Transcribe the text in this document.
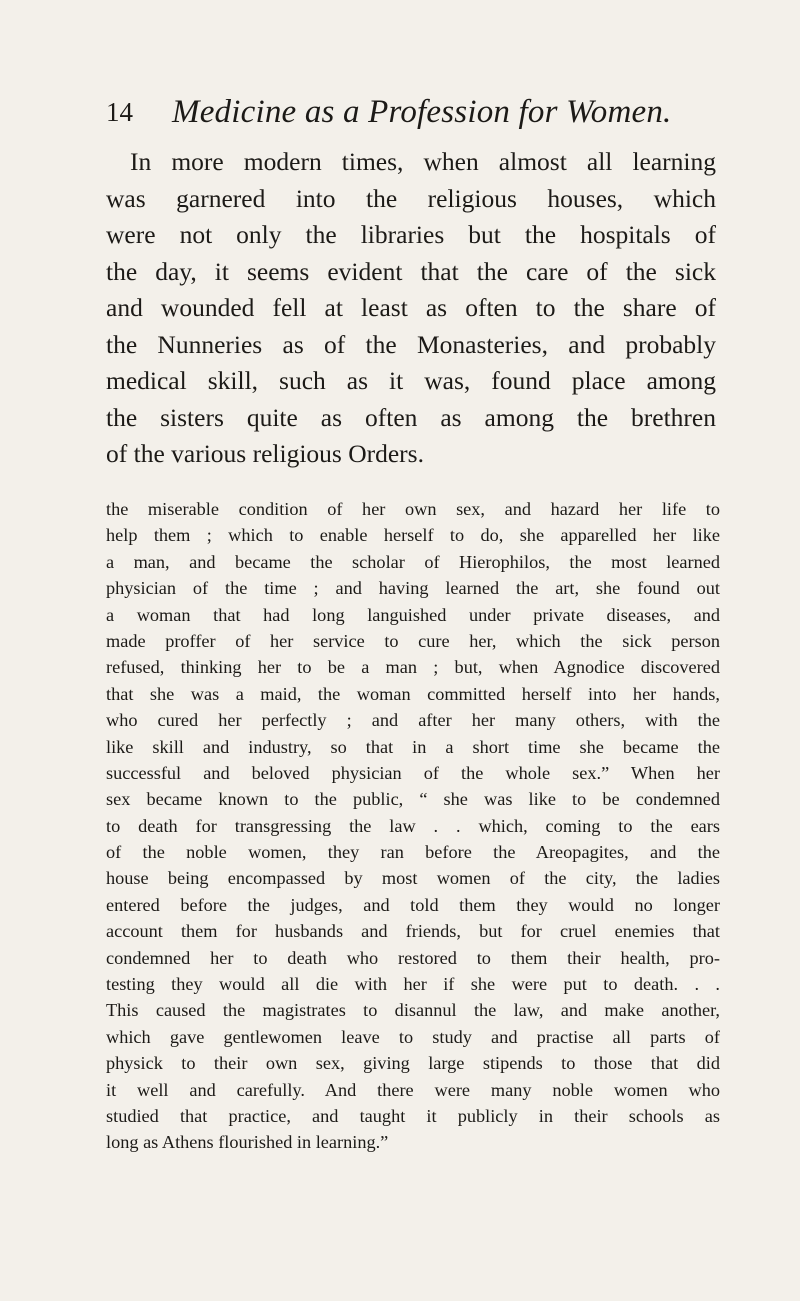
14 Medicine as a Profession for Women.
In more modern times, when almost all learning
was garnered into the religious houses, which
were not only the libraries but the hospitals of
the day, it seems evident that the care of the sick
and wounded fell at least as often to the share of
the Nunneries as of the Monasteries, and probably
medical skill, such as it was, found place among
the sisters quite as often as among the brethren
of the various religious Orders.
the miserable condition of her own sex, and hazard her life to
help them ; which to enable herself to do, she apparelled her like
a man, and became the scholar of Hierophilos, the most learned
physician of the time ; and having learned the art, she found out
a woman that had long languished under private diseases, and
made proffer of her service to cure her, which the sick person
refused, thinking her to be a man ; but, when Agnodice discovered
that she was a maid, the woman committed herself into her hands,
who cured her perfectly ; and after her many others, with the
like skill and industry, so that in a short time she became the
successful and beloved physician of the whole sex.” When her
sex became known to the public, “ she was like to be condemned
to death for transgressing the law . . which, coming to the ears
of the noble women, they ran before the Areopagites, and the
house being encompassed by most women of the city, the ladies
entered before the judges, and told them they would no longer
account them for husbands and friends, but for cruel enemies that
condemned her to death who restored to them their health, pro-
testing they would all die with her if she were put to death. . .
This caused the magistrates to disannul the law, and make another,
which gave gentlewomen leave to study and practise all parts of
physick to their own sex, giving large stipends to those that did
it well and carefully. And there were many noble women who
studied that practice, and taught it publicly in their schools as
long as Athens flourished in learning.”
